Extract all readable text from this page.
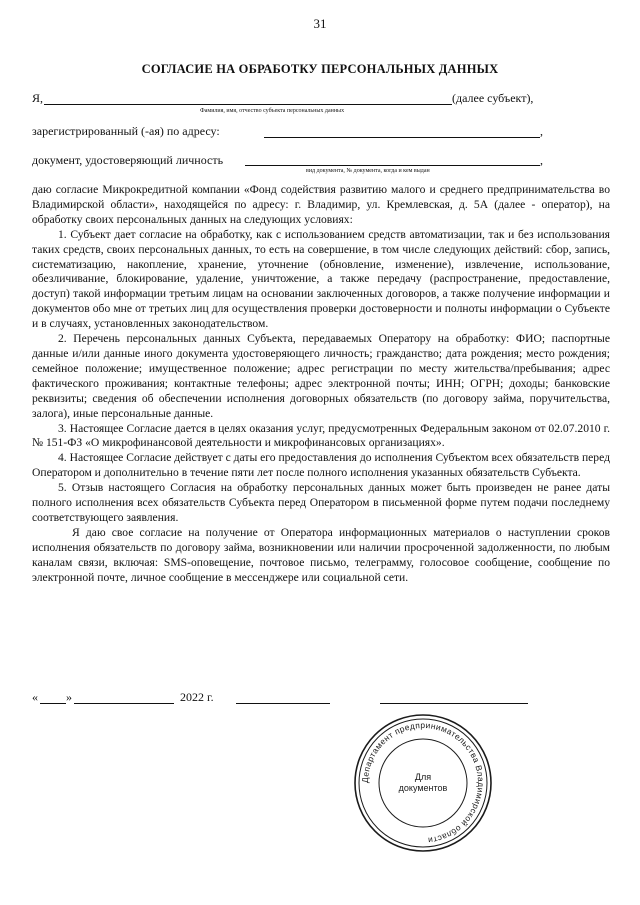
31
СОГЛАСИЕ НА ОБРАБОТКУ ПЕРСОНАЛЬНЫХ ДАННЫХ
Я,	(далее субъект),
Фамилия, имя, отчество субъекта персональных данных
зарегистрированный (-ая) по адресу:	,
документ, удостоверяющий личность	,
вид документа, № документа, когда и кем выдан

даю согласие Микрокредитной компании «Фонд содействия развитию малого и среднего предпринимательства во Владимирской области», находящейся по адресу: г. Владимир, ул. Кремлевская, д. 5А (далее - оператор), на обработку своих персональных данных на следующих условиях:

1. Субъект дает согласие на обработку, как с использованием средств автоматизации, так и без использования таких средств, своих персональных данных, то есть на совершение, в том числе следующих действий: сбор, запись, систематизацию, накопление, хранение, уточнение (обновление, изменение), извлечение, использование, обезличивание, блокирование, удаление, уничтожение, а также передачу (распространение, предоставление, доступ) такой информации третьим лицам на основании заключенных договоров, а также получение информации и документов обо мне от третьих лиц для осуществления проверки достоверности и полноты информации о Субъекте и в случаях, установленных законодательством.

2. Перечень персональных данных Субъекта, передаваемых Оператору на обработку: ФИО; паспортные данные и/или данные иного документа удостоверяющего личность; гражданство; дата рождения; место рождения; семейное положение; имущественное положение; адрес регистрации по месту жительства/пребывания; адрес фактического проживания; контактные телефоны; адрес электронной почты; ИНН; ОГРН; доходы; банковские реквизиты; сведения об обеспечении исполнения договорных обязательств (по договору займа, поручительства, залога), иные персональные данные.

3. Настоящее Согласие дается в целях оказания услуг, предусмотренных Федеральным законом от 02.07.2010 г. № 151-ФЗ «О микрофинансовой деятельности и микрофинансовых организациях».

4. Настоящее Согласие действует с даты его предоставления до исполнения Субъектом всех обязательств перед Оператором и дополнительно в течение пяти лет после полного исполнения указанных обязательств Субъекта.

5. Отзыв настоящего Согласия на обработку персональных данных может быть произведен не ранее даты полного исполнения всех обязательств Субъекта перед Оператором в письменной форме путем подачи последнему соответствующего заявления.

Я даю свое согласие на получение от Оператора информационных материалов о наступлении сроков исполнения обязательств по договору займа, возникновении или наличии просроченной задолженности, по любым каналам связи, включая: SMS-оповещение, почтовое письмо, телеграмму, голосовое сообщение, сообщение по электронной почте, личное сообщение в мессенджере или социальной сети.

« »	2022 г.
Департамент предпринимательства Владимирской области
Для
документов
